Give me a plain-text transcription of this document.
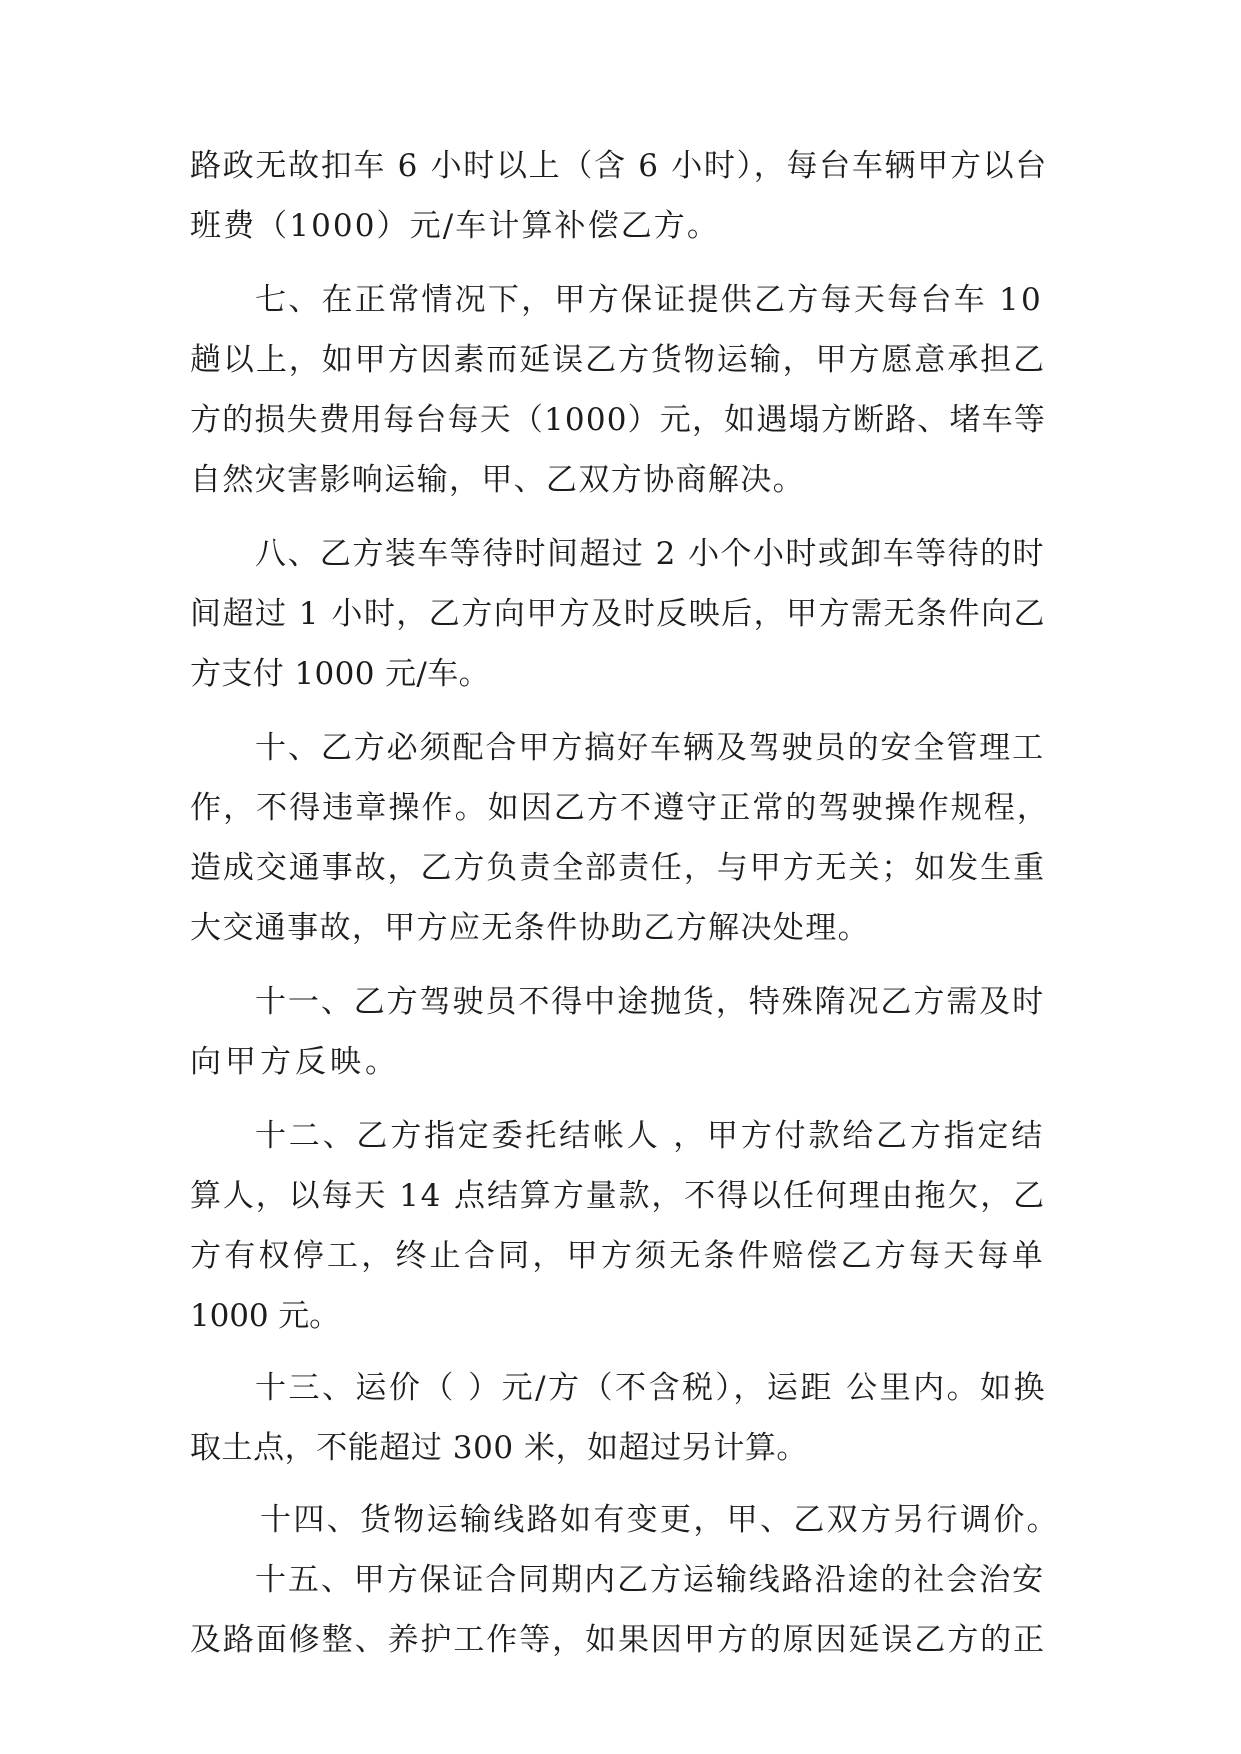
路政无故扣车 6 小时以上（含 6 小时），每台车辆甲方以台
班费（1000）元/车计算补偿乙方。
七、在正常情况下，甲方保证提供乙方每天每台车 10
趟以上，如甲方因素而延误乙方货物运输，甲方愿意承担乙
方的损失费用每台每天（1000）元，如遇塌方断路、堵车等
自然灾害影响运输，甲、乙双方协商解决。
八、乙方装车等待时间超过 2 小个小时或卸车等待的时
间超过 1 小时，乙方向甲方及时反映后，甲方需无条件向乙
方支付 1000 元/车。
十、乙方必须配合甲方搞好车辆及驾驶员的安全管理工
作，不得违章操作。如因乙方不遵守正常的驾驶操作规程，
造成交通事故，乙方负责全部责任，与甲方无关；如发生重
大交通事故，甲方应无条件协助乙方解决处理。
十一、乙方驾驶员不得中途抛货，特殊隋况乙方需及时
向甲方反映。
十二、乙方指定委托结帐人 ，甲方付款给乙方指定结
算人，以每天 14 点结算方量款，不得以任何理由拖欠，乙
方有权停工，终止合同，甲方须无条件赔偿乙方每天每单
1000 元。
十三、运价（ ）元/方（不含税），运距 公里内。如换
取土点，不能超过 300 米，如超过另计算。
十四、货物运输线路如有变更，甲、乙双方另行调价。
十五、甲方保证合同期内乙方运输线路沿途的社会治安
及路面修整、养护工作等，如果因甲方的原因延误乙方的正
